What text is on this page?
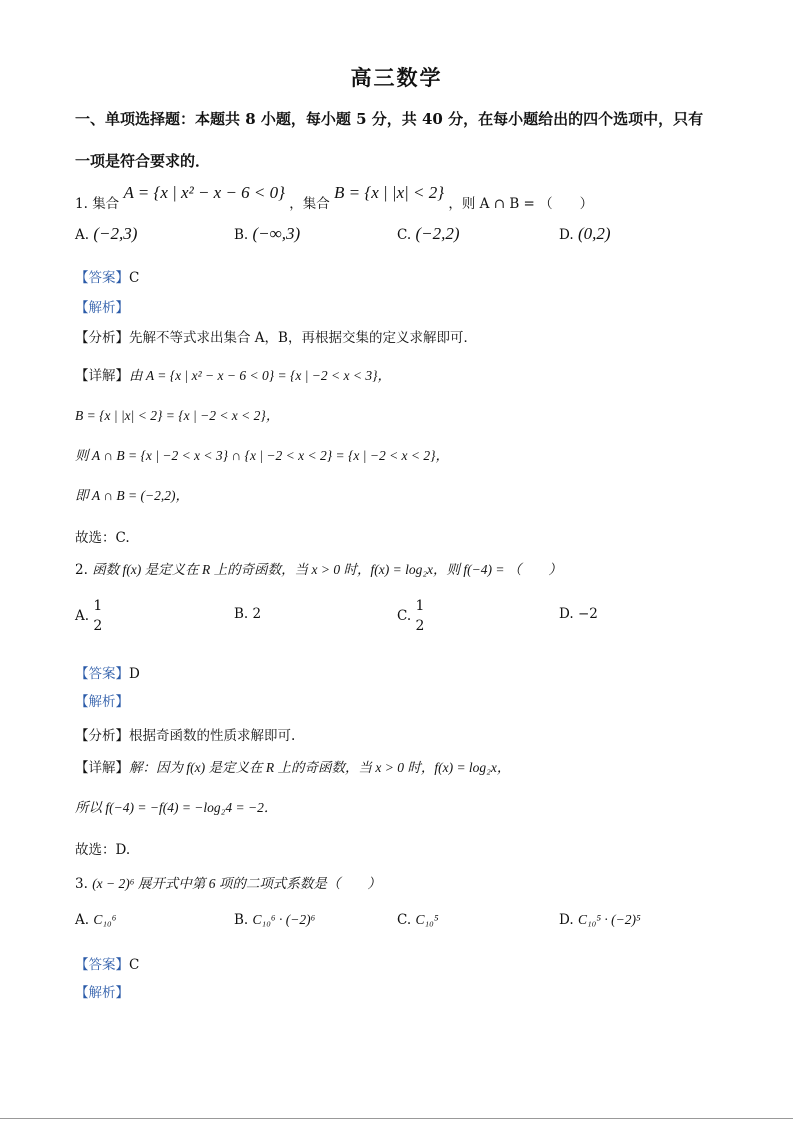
高三数学
一、单项选择题：本题共 8 小题，每小题 5 分，共 40 分，在每小题给出的四个选项中，只有
一项是符合要求的．
1. 集合 A = {x | x² − x − 6 < 0} ，集合 B = {x | |x| < 2} ，则 A ∩ B = （　　）
A. (−2,3)	B. (−∞,3)	C. (−2,2)	D. (0,2)
【答案】C
【解析】
【分析】先解不等式求出集合 A，B，再根据交集的定义求解即可．
【详解】由 A = {x | x² − x − 6 < 0} = {x | −2 < x < 3}，
B = {x | |x| < 2} = {x | −2 < x < 2}，
则 A ∩ B = {x | −2 < x < 3} ∩ {x | −2 < x < 2} = {x | −2 < x < 2}，
即 A ∩ B = (−2,2)，
故选：C.
2. 函数 f(x) 是定义在 R 上的奇函数，当 x > 0 时，f(x) = log₂x，则 f(−4) = （　　）
A.
1
2
B. 2	C.
1
2
D. −2
【答案】D
【解析】
【分析】根据奇函数的性质求解即可.
【详解】解：因为 f(x) 是定义在 R 上的奇函数，当 x > 0 时，f(x) = log₂x，
所以 f(−4) = −f(4) = −log₂4 = −2．
故选：D.
3. (x − 2)⁶ 展开式中第 6 项的二项式系数是（　　）
A. C₁₀⁶	B. C₁₀⁶ · (−2)⁶	C. C₁₀⁵	D. C₁₀⁵ · (−2)⁵
【答案】C
【解析】
